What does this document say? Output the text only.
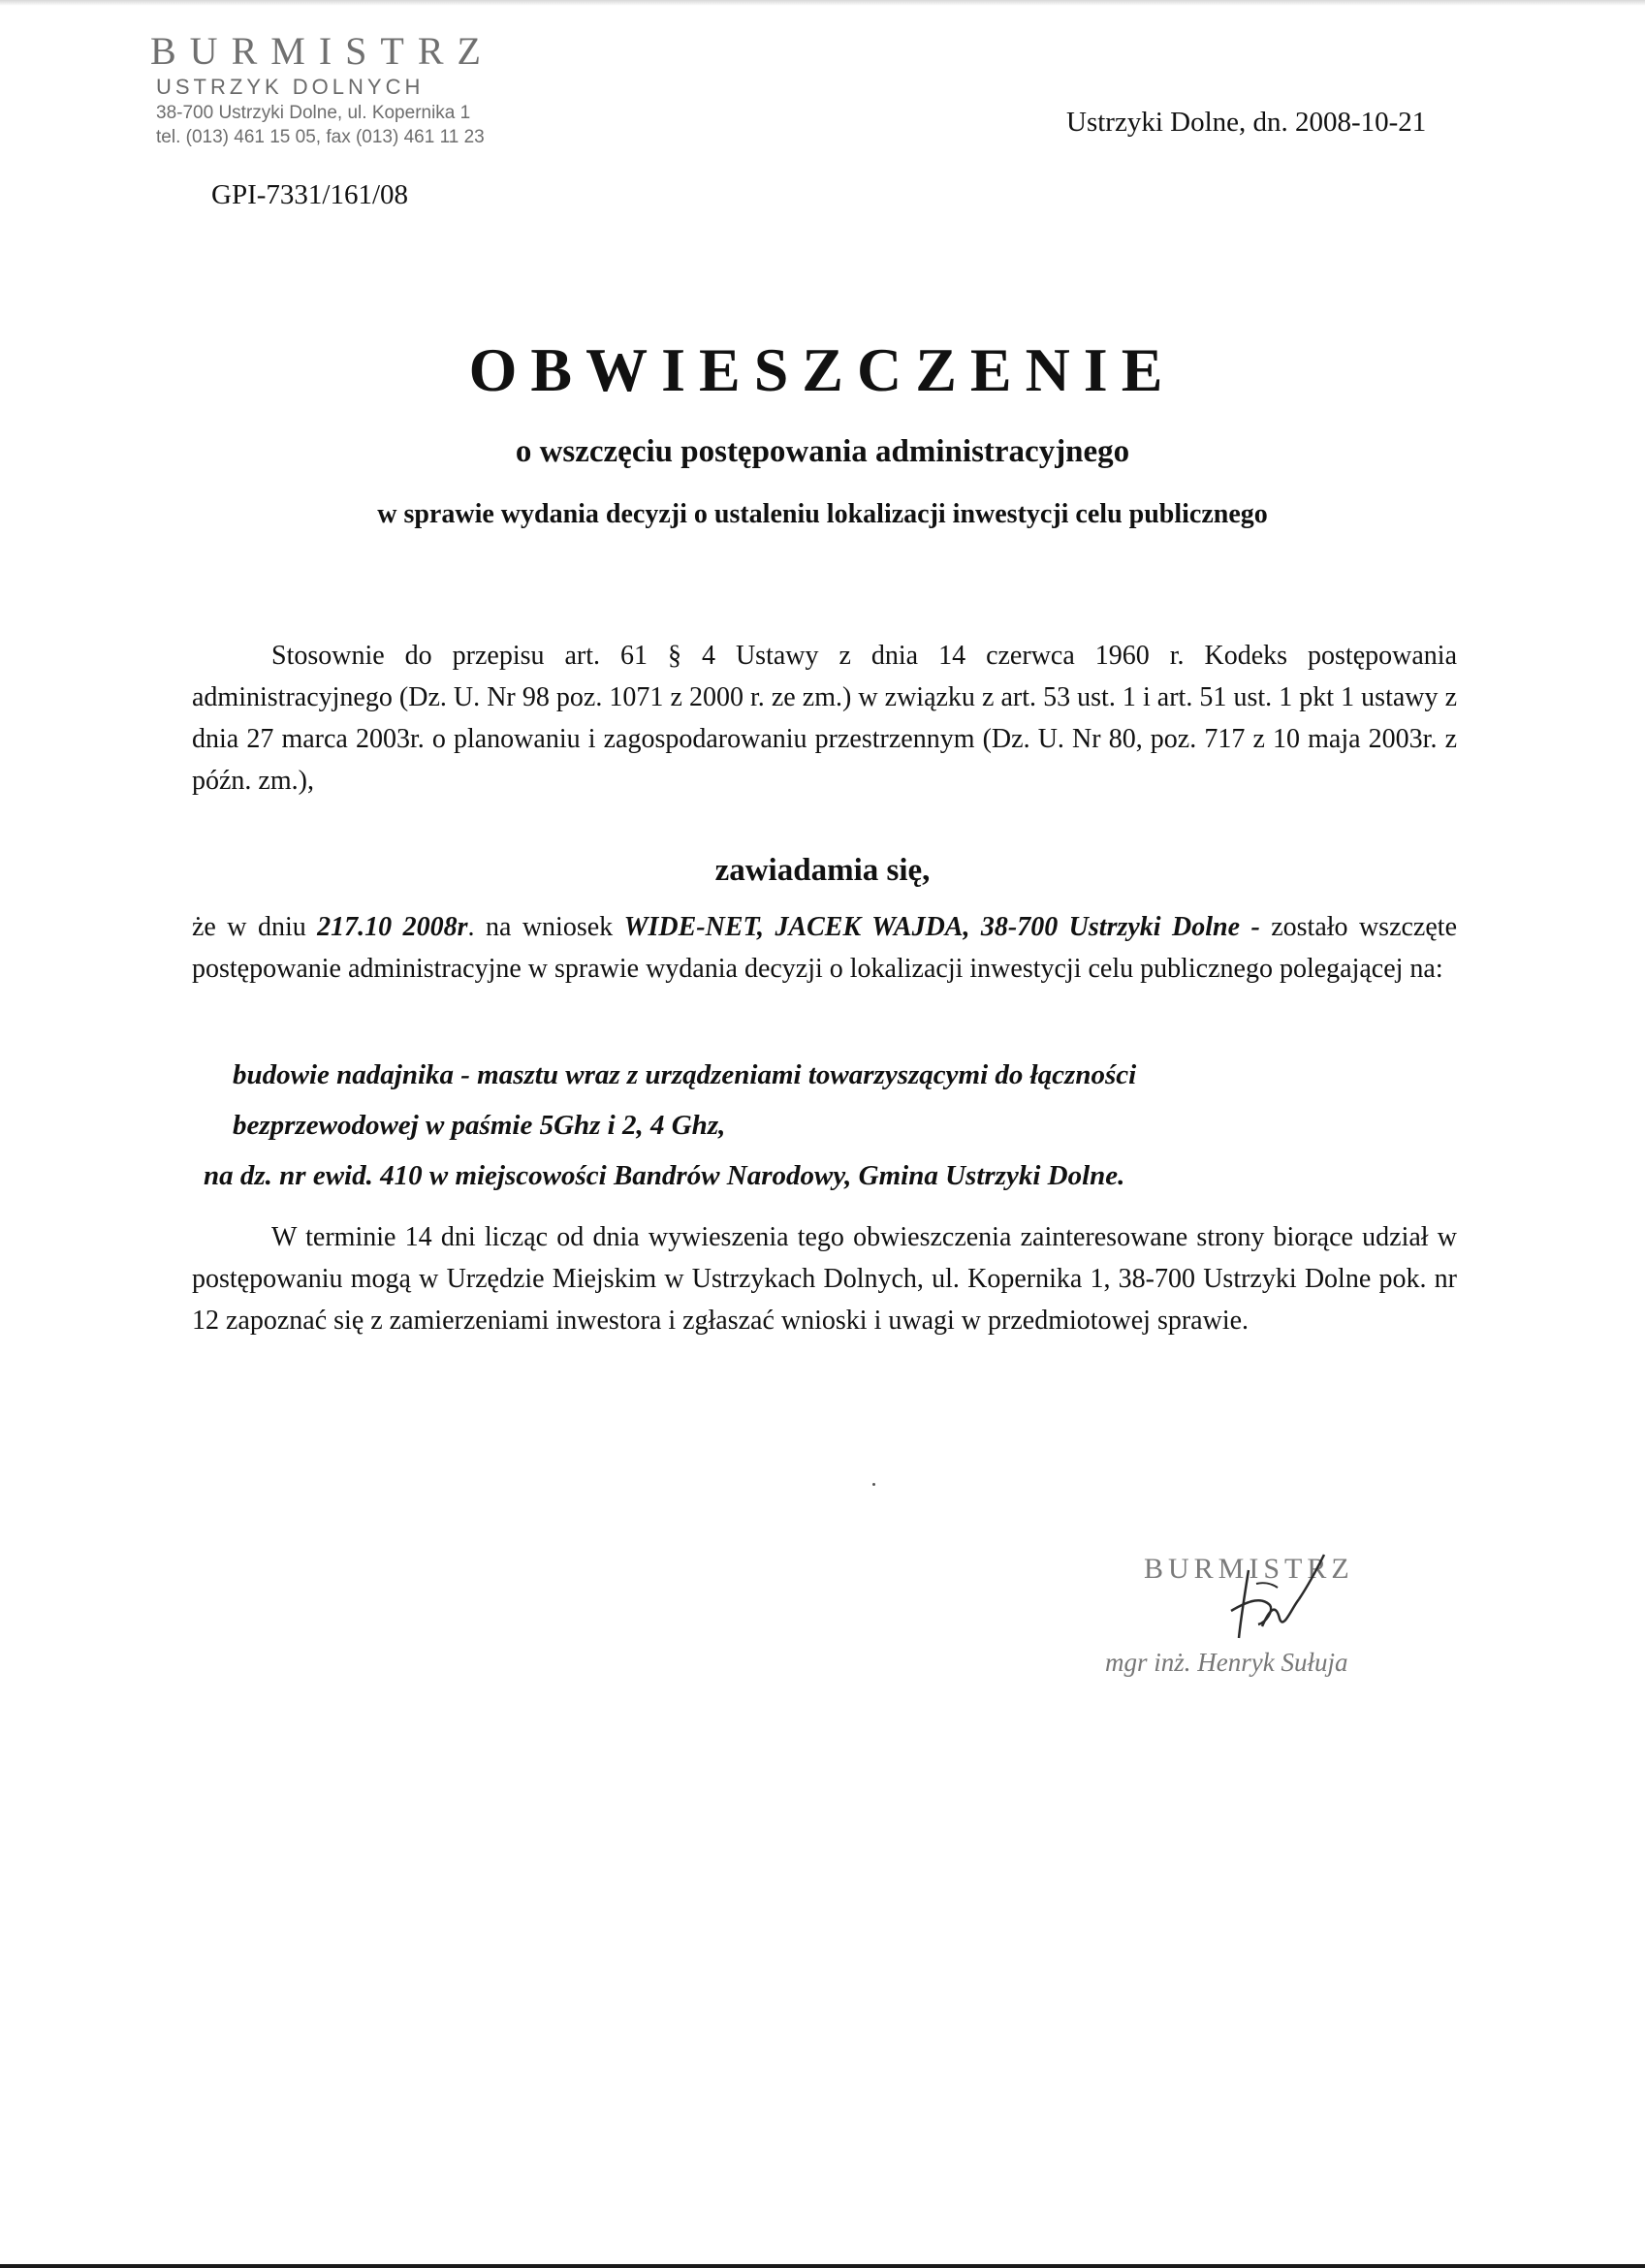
BURMISTRZ
USTRZYK DOLNYCH
38-700 Ustrzyki Dolne, ul. Kopernika 1
tel. (013) 461 15 05, fax (013) 461 11 23	Ustrzyki Dolne, dn. 2008-10-21
GPI-7331/161/08
OBWIESZCZENIE
o wszczęciu postępowania administracyjnego
w sprawie wydania decyzji o ustaleniu lokalizacji inwestycji celu publicznego
Stosownie do przepisu art. 61 § 4 Ustawy z dnia 14 czerwca 1960 r. Kodeks postępowania administracyjnego (Dz. U. Nr 98 poz. 1071 z 2000 r. ze zm.) w związku z art. 53 ust. 1 i art. 51 ust. 1 pkt 1 ustawy z dnia 27 marca 2003r. o planowaniu i zagospodarowaniu przestrzennym (Dz. U. Nr 80, poz. 717 z 10 maja 2003r. z późn. zm.),
zawiadamia się,
że w dniu 217.10 2008r. na wniosek WIDE-NET, JACEK WAJDA, 38-700 Ustrzyki Dolne - zostało wszczęte postępowanie administracyjne w sprawie wydania decyzji o lokalizacji inwestycji celu publicznego polegającej na:
budowie nadajnika - masztu wraz z urządzeniami towarzyszącymi do łączności
bezprzewodowej w paśmie 5Ghz i 2, 4 Ghz,
na dz. nr ewid. 410 w miejscowości Bandrów Narodowy, Gmina Ustrzyki Dolne.
W terminie 14 dni licząc od dnia wywieszenia tego obwieszczenia zainteresowane strony biorące udział w postępowaniu mogą w Urzędzie Miejskim w Ustrzykach Dolnych, ul. Kopernika 1, 38-700 Ustrzyki Dolne pok. nr 12 zapoznać się z zamierzeniami inwestora i zgłaszać wnioski i uwagi w przedmiotowej sprawie.
BURMISTRZ
mgr inż. Henryk Sułuja
